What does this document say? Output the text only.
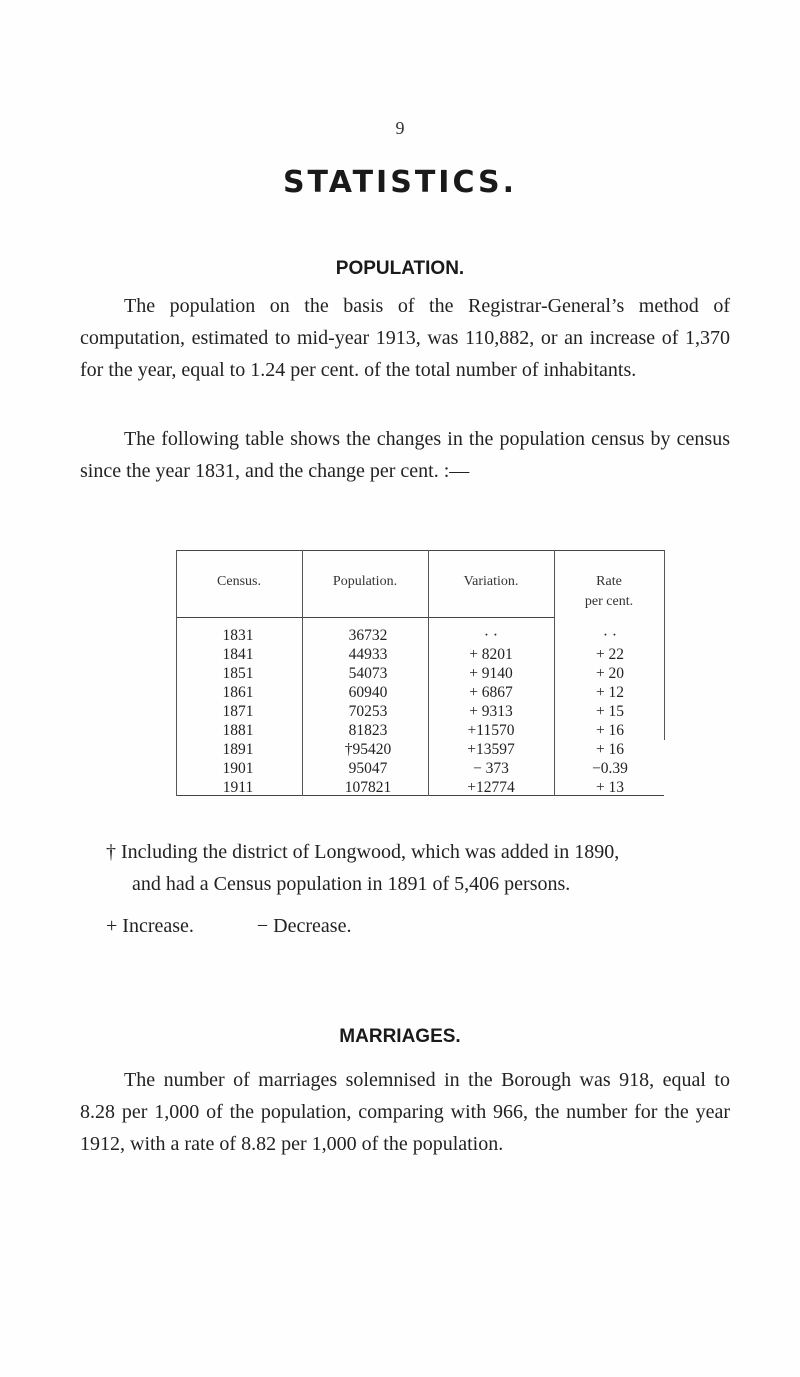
9
STATISTICS.
POPULATION.

The population on the basis of the Registrar-General’s method of computation, estimated to mid-year 1913, was 110,882, or an increase of 1,370 for the year, equal to 1.24 per cent. of the total number of inhabitants.

The following table shows the changes in the population census by census since the year 1831, and the change per cent. :—

Census.	Population.	Variation.	Rate
per cent.
1831	36732	· ·	· ·
1841	44933	+ 8201	+ 22
1851	54073	+ 9140	+ 20
1861	60940	+ 6867	+ 12
1871	70253	+ 9313	+ 15
1881	81823	+11570	+ 16
1891	†95420	+13597	+ 16
1901	95047	− 373	−0.39
1911	107821	+12774	+ 13
† Including the district of Longwood, which was added in 1890,
and had a Census population in 1891 of 5,406 persons.
+ Increase.	− Decrease.
MARRIAGES.

The number of marriages solemnised in the Borough was 918, equal to 8.28 per 1,000 of the population, comparing with 966, the number for the year 1912, with a rate of 8.82 per 1,000 of the population.
